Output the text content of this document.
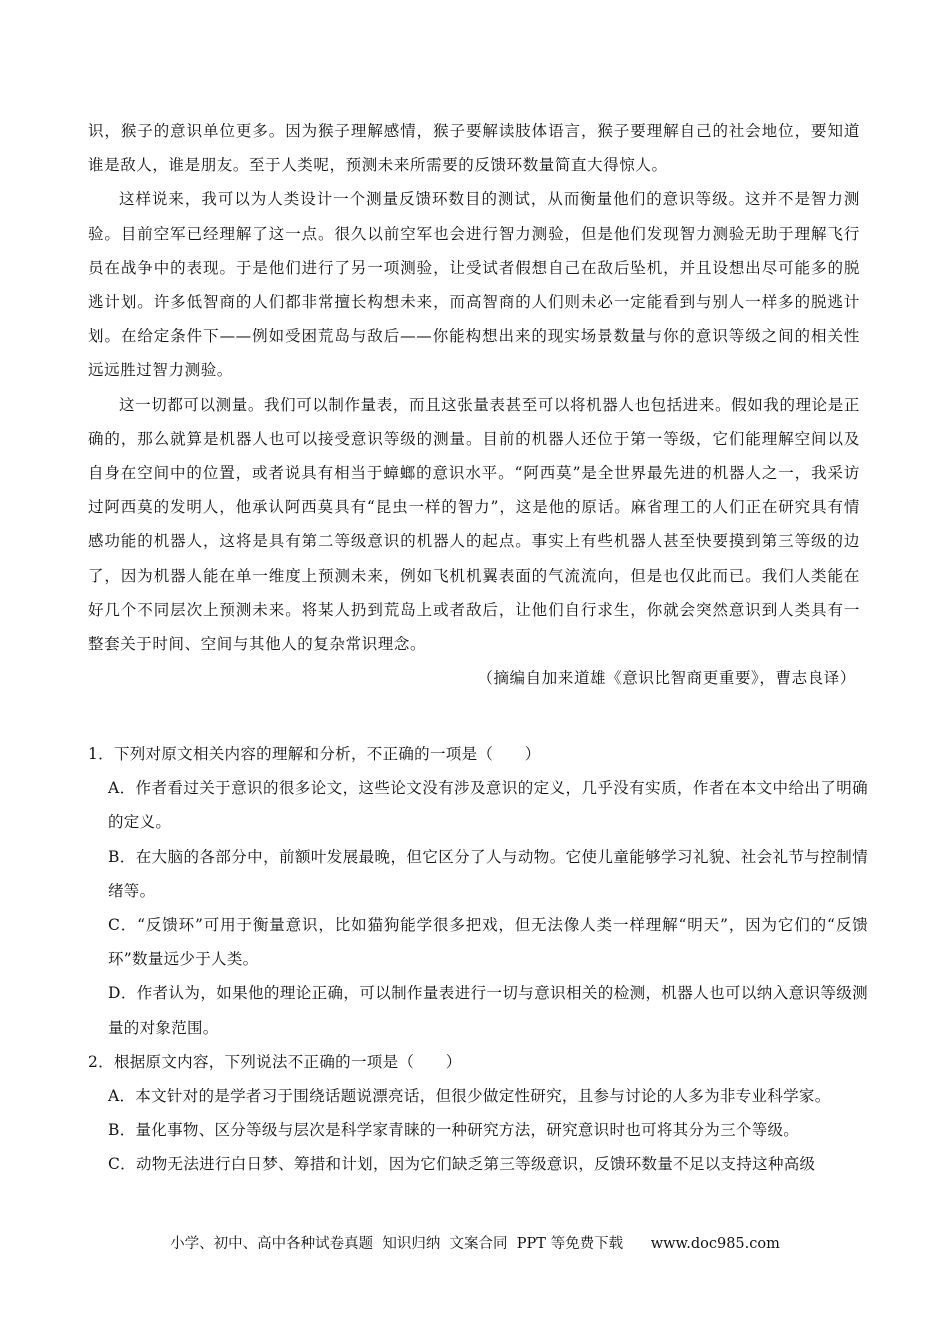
识，猴子的意识单位更多。因为猴子理解感情，猴子要解读肢体语言，猴子要理解自己的社会地位，要知道谁是敌人，谁是朋友。至于人类呢，预测未来所需要的反馈环数量简直大得惊人。

这样说来，我可以为人类设计一个测量反馈环数目的测试，从而衡量他们的意识等级。这并不是智力测验。目前空军已经理解了这一点。很久以前空军也会进行智力测验，但是他们发现智力测验无助于理解飞行员在战争中的表现。于是他们进行了另一项测验，让受试者假想自己在敌后坠机，并且设想出尽可能多的脱逃计划。许多低智商的人们都非常擅长构想未来，而高智商的人们则未必一定能看到与别人一样多的脱逃计划。在给定条件下——例如受困荒岛与敌后——你能构想出来的现实场景数量与你的意识等级之间的相关性远远胜过智力测验。

这一切都可以测量。我们可以制作量表，而且这张量表甚至可以将机器人也包括进来。假如我的理论是正确的，那么就算是机器人也可以接受意识等级的测量。目前的机器人还位于第一等级，它们能理解空间以及自身在空间中的位置，或者说具有相当于蟑螂的意识水平。“阿西莫”是全世界最先进的机器人之一，我采访过阿西莫的发明人，他承认阿西莫具有“昆虫一样的智力”，这是他的原话。麻省理工的人们正在研究具有情感功能的机器人，这将是具有第二等级意识的机器人的起点。事实上有些机器人甚至快要摸到第三等级的边了，因为机器人能在单一维度上预测未来，例如飞机机翼表面的气流流向，但是也仅此而已。我们人类能在好几个不同层次上预测未来。将某人扔到荒岛上或者敌后，让他们自行求生，你就会突然意识到人类具有一整套关于时间、空间与其他人的复杂常识理念。

（摘编自加来道雄《意识比智商更重要》，曹志良译）

1．下列对原文相关内容的理解和分析，不正确的一项是（　　）

A．作者看过关于意识的很多论文，这些论文没有涉及意识的定义，几乎没有实质，作者在本文中给出了明确的定义。

B．在大脑的各部分中，前额叶发展最晚，但它区分了人与动物。它使儿童能够学习礼貌、社会礼节与控制情绪等。

C．“反馈环”可用于衡量意识，比如猫狗能学很多把戏，但无法像人类一样理解“明天”，因为它们的“反馈环”数量远少于人类。

D．作者认为，如果他的理论正确，可以制作量表进行一切与意识相关的检测，机器人也可以纳入意识等级测量的对象范围。

2．根据原文内容，下列说法不正确的一项是（　　）

A．本文针对的是学者习于围绕话题说漂亮话，但很少做定性研究，且参与讨论的人多为非专业科学家。

B．量化事物、区分等级与层次是科学家青睐的一种研究方法，研究意识时也可将其分为三个等级。

C．动物无法进行白日梦、筹措和计划，因为它们缺乏第三等级意识，反馈环数量不足以支持这种高级

小学、初中、高中各种试卷真题  知识归纳  文案合同  PPT 等免费下载      www.doc985.com
